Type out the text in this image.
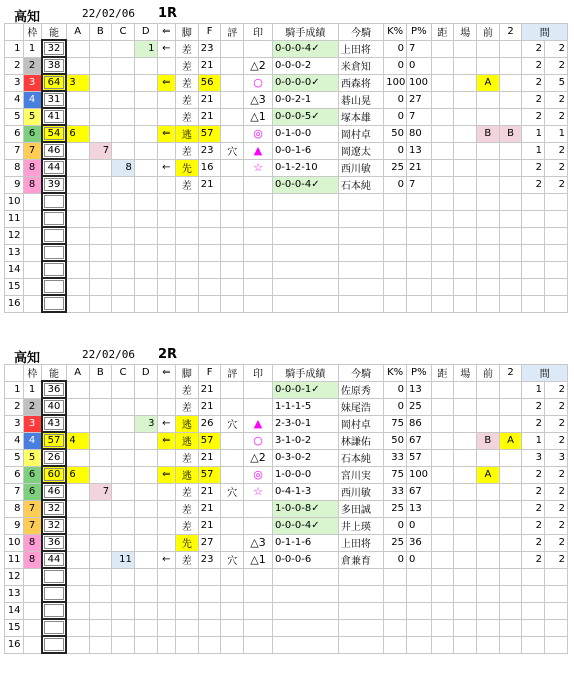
高知	22/02/06 1R
	枠	能	A	B	C	D	⇐	脚	F	評	印	騎手成績	今騎	K%	P%	距	場	前	2	間	
1	1	32				1	←	差	23			0-0-0-4✓	上田将	0	7					2	2
2	2	38						差	21		△2	0-0-0-2	米倉知	0	0					2	2
3	3	64	3				⇐	差	56		○	0-0-0-0✓	西森将	100	100			A		2	5
4	4	31						差	21		△3	0-0-2-1	碁山晃	0	27					2	2
5	5	41						差	21		△1	0-0-0-5✓	塚本雄	0	7					2	2
6	6	54	6				⇐	逃	57		◎	0-1-0-0	岡村卓	50	80			B	B	1	1
7	7	46		7				差	23	穴	▲	0-0-1-6	岡遼太	0	13					1	2
8	8	44			8		←	先	16		☆	0-1-2-10	西川敏	25	21					2	2
9	8	39						差	21			0-0-0-4✓	石本純	0	7					2	2
10		

11		

12		

13		

14		

15		

16		

高知	22/02/06 2R
	枠	能	A	B	C	D	⇐	脚	F	評	印	騎手成績	今騎	K%	P%	距	場	前	2	間	
1	1	36						差	21			0-0-0-1✓	佐原秀	0	13					1	2
2	2	40						差	21			1-1-1-5	妹尾浩	0	25					2	2
3	3	43				3	←	逃	26	穴	▲	2-3-0-1	岡村卓	75	86					2	2
4	4	57	4				⇐	逃	57		○	3-1-0-2	林謙佑	50	67			B	A	1	2
5	5	26						差	21		△2	0-3-0-2	石本純	33	57					3	3
6	6	60	6				⇐	逃	57		◎	1-0-0-0	宮川実	75	100			A		2	2
7	6	46		7				差	21	穴	☆	0-4-1-3	西川敏	33	67					2	2
8	7	32						差	21			1-0-0-8✓	多田誠	25	13					2	2
9	7	32						差	21			0-0-0-4✓	井上瑛	0	0					2	2
10	8	36						先	27		△3	0-1-1-6	上田将	25	36					2	2
11	8	44			11		←	差	23	穴	△1	0-0-0-6	倉兼育	0	0					2	2
12		

13		

14		

15		

16		
